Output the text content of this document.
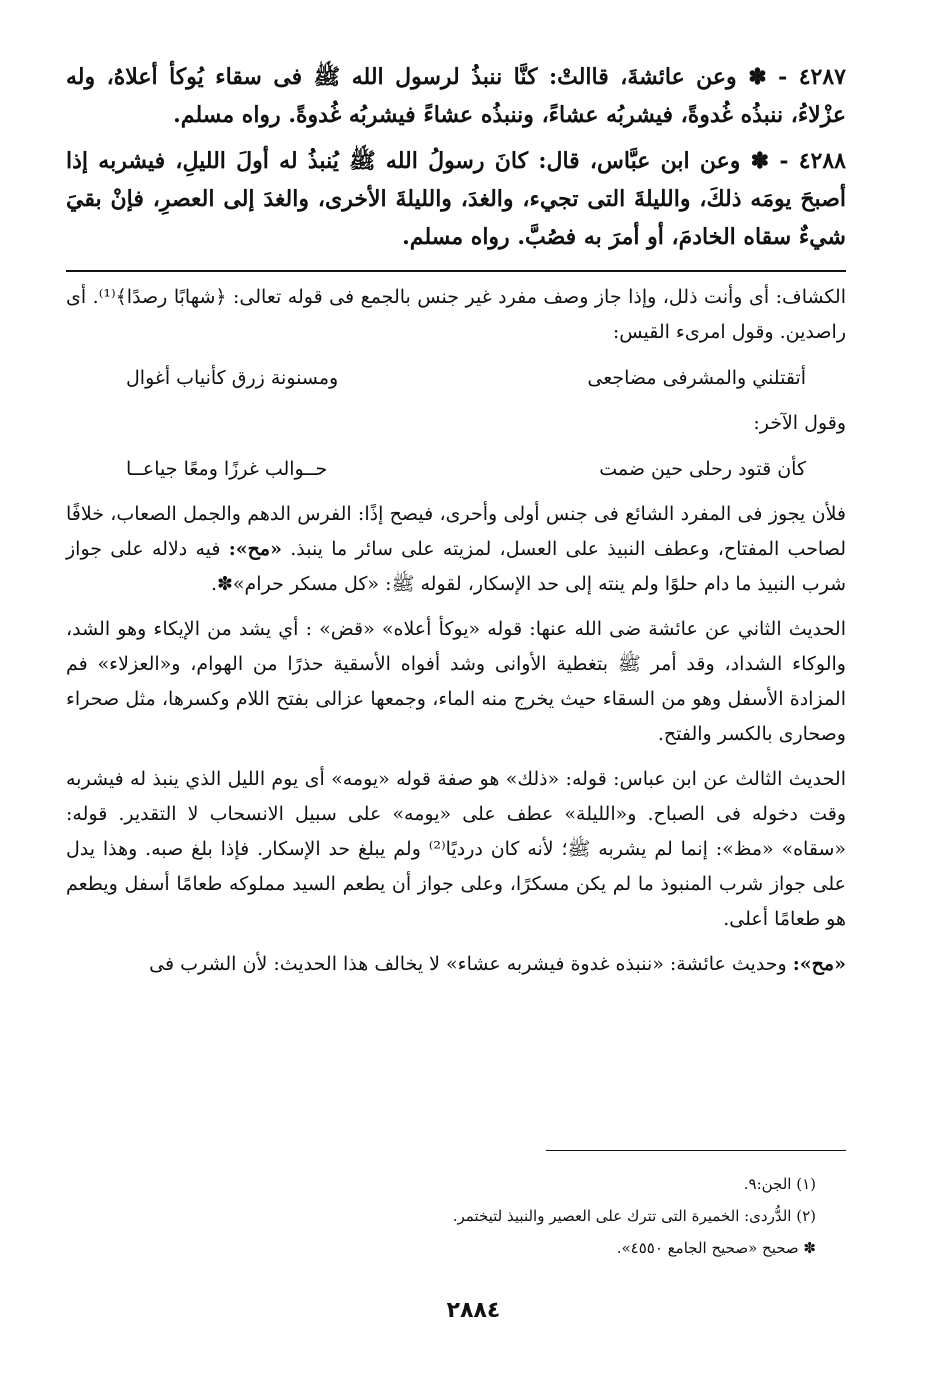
٤٢٨٧ - ✽ وعن عائشةَ، قاالتْ: كنَّا ننبذُ لرسول الله ﷺ فى سقاء يُوكأ أعلاهُ، وله عزْلاءُ، ننبذُه غُدوةً، فيشربُه عشاءً، وننبذُه عشاءً فيشربُه غُدوةً. رواه مسلم.

٤٢٨٨ - ✽ وعن ابن عبَّاس، قال: كانَ رسولُ الله ﷺ يُنبذُ له أولَ الليلِ، فيشربه إذا أصبحَ يومَه ذلكَ، والليلةَ التى تجيء، والغدَ، والليلةَ الأخرى، والغدَ إلى العصرِ، فإنْ بقيَ شيءٌ سقاه الخادمَ، أو أمرَ به فصُبَّ. رواه مسلم.

الكشاف: أى وأنت ذلل، وإذا جاز وصف مفرد غير جنس بالجمع فى قوله تعالى: ﴿شهابًا رصدًا﴾⁽¹⁾. أى راصدين. وقول امرىء القيس:

أتقتلني والمشرفى مضاجعى
ومسنونة زرق كأنياب أغوال

وقول الآخر:

كأن قتود رحلى حين ضمت
حــوالب غرزًا ومعًا جياعــا

فلأن يجوز فى المفرد الشائع فى جنس أولى وأحرى، فيصح إذًا: الفرس الدهم والجمل الصعاب، خلافًا لصاحب المفتاح، وعطف النبيذ على العسل، لمزيته على سائر ما ينبذ. «مح»: فيه دلاله على جواز شرب النبيذ ما دام حلوًا ولم ينته إلى حد الإسكار، لقوله ﷺ: «كل مسكر حرام»✽.

الحديث الثاني عن عائشة ضى الله عنها: قوله «يوكأ أعلاه» «قض» : أي يشد من الإيكاء وهو الشد، والوكاء الشداد، وقد أمر ﷺ بتغطية الأوانى وشد أفواه الأسقية حذرًا من الهوام، و«العزلاء» فم المزادة الأسفل وهو من السقاء حيث يخرج منه الماء، وجمعها عزالى بفتح اللام وكسرها، مثل صحراء وصحارى بالكسر والفتح.

الحديث الثالث عن ابن عباس: قوله: «ذلك» هو صفة قوله «يومه» أى يوم الليل الذي ينبذ له فيشربه وقت دخوله فى الصباح. و«الليلة» عطف على «يومه» على سبيل الانسحاب لا التقدير. قوله: «سقاه» «مظ»: إنما لم يشربه ﷺ؛ لأنه كان درديًا⁽²⁾ ولم يبلغ حد الإسكار. فإذا بلغ صبه. وهذا يدل على جواز شرب المنبوذ ما لم يكن مسكرًا، وعلى جواز أن يطعم السيد مملوكه طعامًا أسفل ويطعم هو طعامًا أعلى.

«مح»: وحديث عائشة: «ننبذه غدوة فيشربه عشاء» لا يخالف هذا الحديث: لأن الشرب فى

(١) الجن:٩.
(٢) الدُّردى: الخميرة التى تترك على العصير والنبيذ لتيختمر.
✽ صحيح «صحيح الجامع ٤٥٥٠».
٢٨٨٤
